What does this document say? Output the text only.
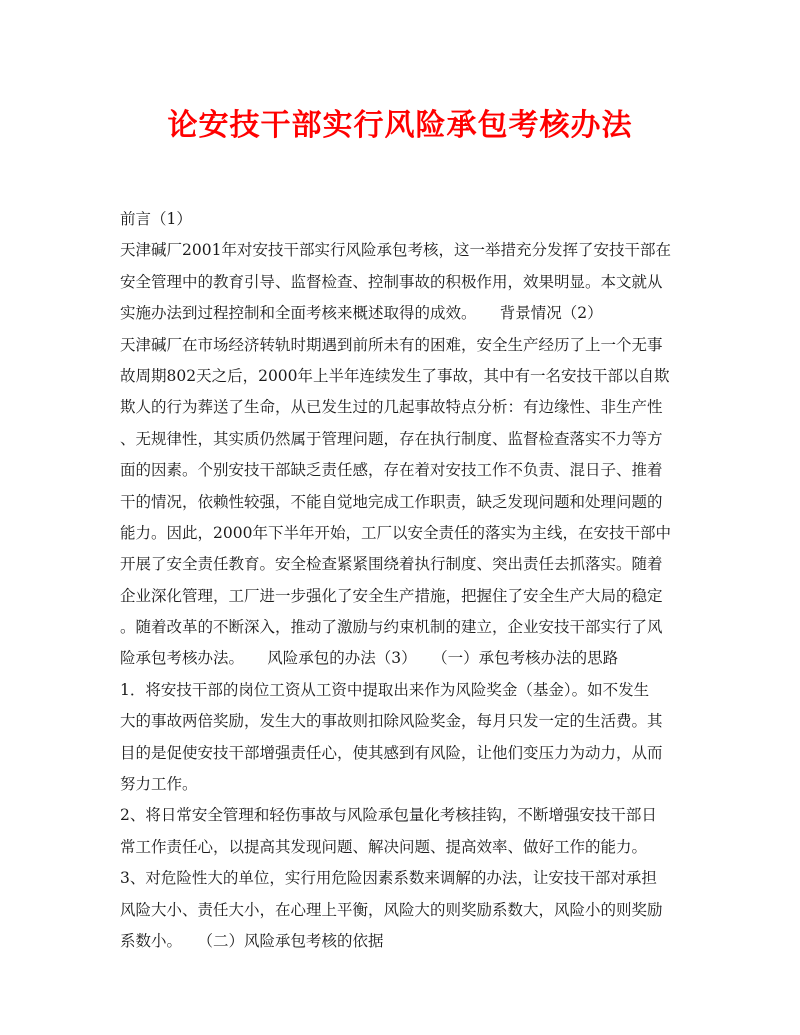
论安技干部实行风险承包考核办法
前言（1）
天津碱厂2001年对安技干部实行风险承包考核，这一举措充分发挥了安技干部在
安全管理中的教育引导、监督检查、控制事故的积极作用，效果明显。本文就从
实施办法到过程控制和全面考核来概述取得的成效。　　背景情况（2）
天津碱厂在市场经济转轨时期遇到前所未有的困难，安全生产经历了上一个无事
故周期802天之后，2000年上半年连续发生了事故，其中有一名安技干部以自欺
欺人的行为葬送了生命，从已发生过的几起事故特点分析：有边缘性、非生产性
、无规律性，其实质仍然属于管理问题，存在执行制度、监督检查落实不力等方
面的因素。个别安技干部缺乏责任感，存在着对安技工作不负责、混日子、推着
干的情况，依赖性较强，不能自觉地完成工作职责，缺乏发现问题和处理问题的
能力。因此，2000年下半年开始，工厂以安全责任的落实为主线，在安技干部中
开展了安全责任教育。安全检查紧紧围绕着执行制度、突出责任去抓落实。随着
企业深化管理，工厂进一步强化了安全生产措施，把握住了安全生产大局的稳定
。随着改革的不断深入，推动了激励与约束机制的建立，企业安技干部实行了风
险承包考核办法。　　风险承包的办法（3）　　（一）承包考核办法的思路
1．将安技干部的岗位工资从工资中提取出来作为风险奖金（基金）。如不发生
大的事故两倍奖励，发生大的事故则扣除风险奖金，每月只发一定的生活费。其
目的是促使安技干部增强责任心，使其感到有风险，让他们变压力为动力，从而
努力工作。
2、将日常安全管理和轻伤事故与风险承包量化考核挂钩，不断增强安技干部日
常工作责任心，以提高其发现问题、解决问题、提高效率、做好工作的能力。
3、对危险性大的单位，实行用危险因素系数来调解的办法，让安技干部对承担
风险大小、责任大小，在心理上平衡，风险大的则奖励系数大，风险小的则奖励
系数小。　　（二）风险承包考核的依据
